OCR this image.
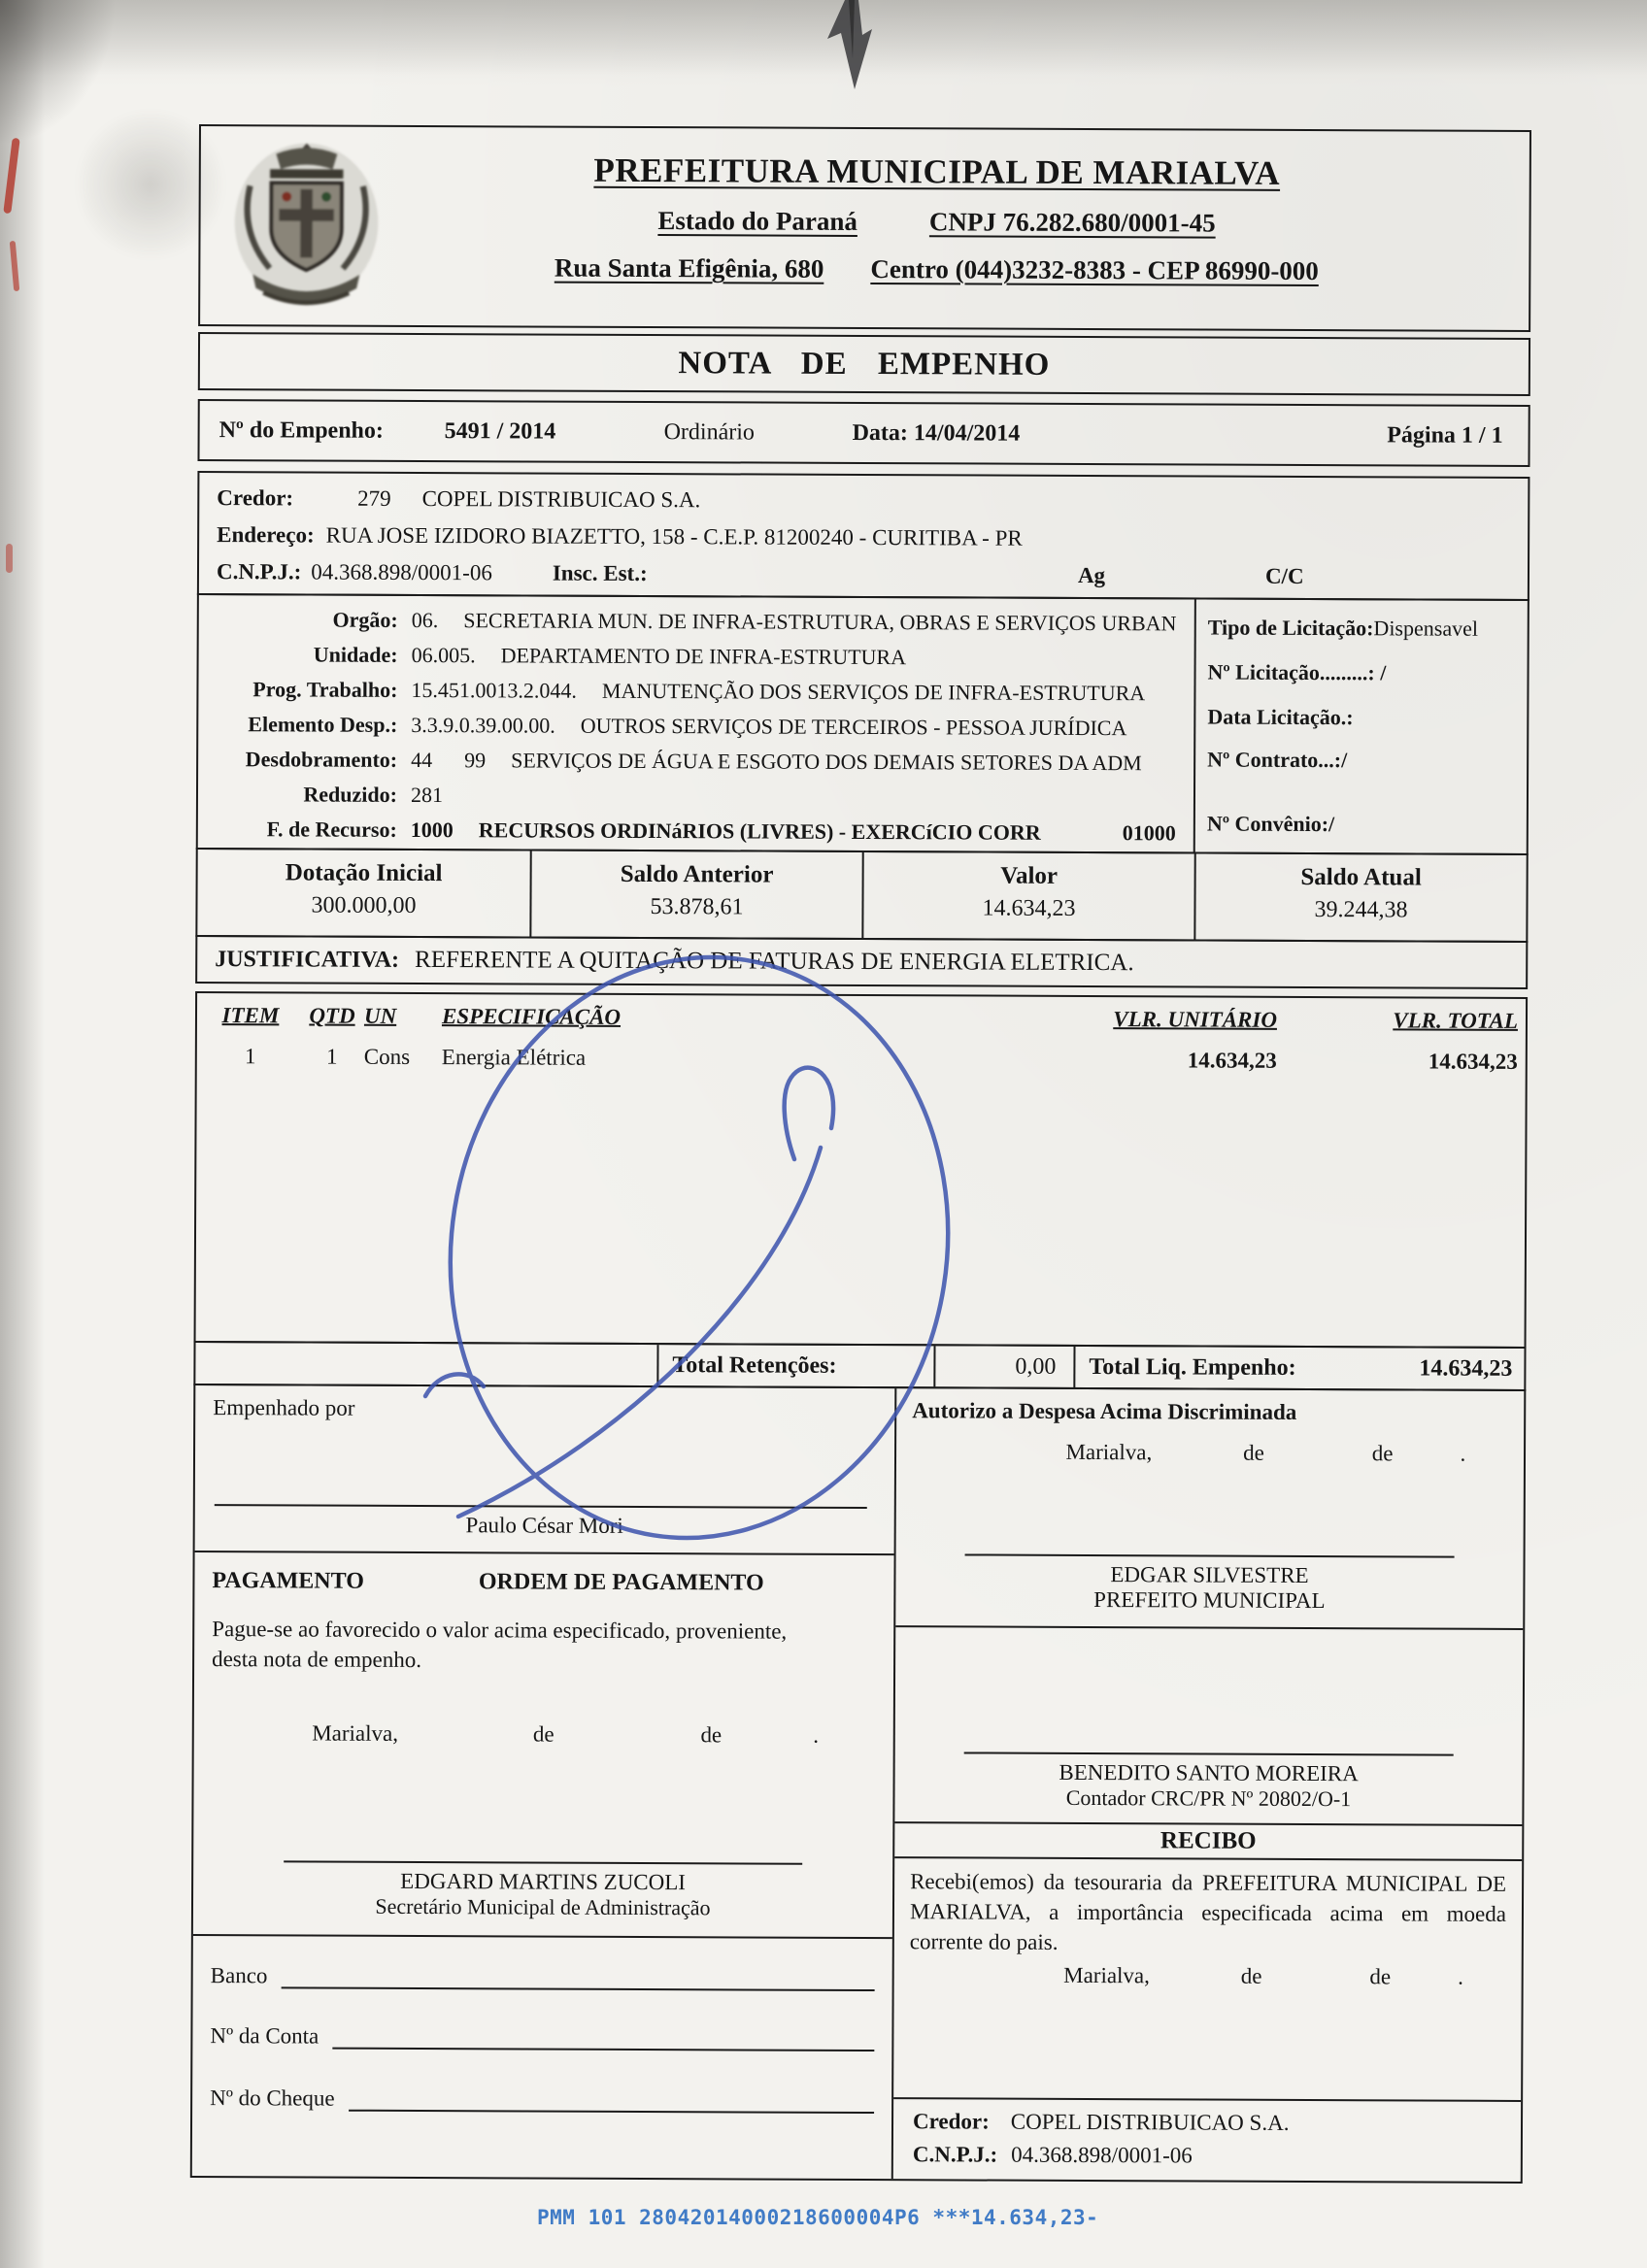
PREFEITURA MUNICIPAL DE MARIALVA
Estado do Paraná	CNPJ 76.282.680/0001-45
Rua Santa Efigênia, 680 Centro (044)3232-8383 - CEP 86990-000
NOTA DE EMPENHO
Nº do Empenho:	5491 / 2014	Ordinário	Data: 14/04/2014	Página 1 / 1
Credor:	279 COPEL DISTRIBUICAO S.A.
Endereço: RUA JOSE IZIDORO BIAZETTO, 158 - C.E.P. 81200240 - CURITIBA - PR
C.N.P.J.: 04.368.898/0001-06	Insc. Est.:	Ag	C/C
Orgão: 06. SECRETARIA MUN. DE INFRA-ESTRUTURA, OBRAS E SERVIÇOS URBAN
Unidade: 06.005. DEPARTAMENTO DE INFRA-ESTRUTURA
Prog. Trabalho: 15.451.0013.2.044. MANUTENÇÃO DOS SERVIÇOS DE INFRA-ESTRUTURA
Elemento Desp.: 3.3.9.0.39.00.00. OUTROS SERVIÇOS DE TERCEIROS - PESSOA JURÍDICA
Desdobramento: 44      99 SERVIÇOS DE ÁGUA E ESGOTO DOS DEMAIS SETORES DA ADM
Reduzido: 281
F. de Recurso: 1000 RECURSOS ORDINáRIOS (LIVRES) - EXERCíCIO CORR	01000
Tipo de Licitação:Dispensavel
Nº Licitação.........: /
Data Licitação.:
Nº Contrato...:/
Nº Convênio:/
Dotação Inicial
300.000,00
Saldo Anterior
53.878,61
Valor
14.634,23
Saldo Atual
39.244,38
JUSTIFICATIVA: REFERENTE A QUITAÇÃO DE FATURAS DE ENERGIA ELETRICA.
ITEM	QTD UN	ESPECIFICAÇÃO	VLR. UNITÁRIO	VLR. TOTAL
1	1	Cons	Energia Elétrica	14.634,23	14.634,23
Total Retenções:	0,00	Total Liq. Empenho:	14.634,23
Empenhado por
Paulo César Mori
PAGAMENTO	ORDEM DE PAGAMENTO
Pague-se ao favorecido o valor acima especificado, proveniente, desta nota de empenho.
Marialva,	de	de	.
EDGARD MARTINS ZUCOLI
Secretário Municipal de Administração
Banco
Nº da Conta
Nº do Cheque
Autorizo a Despesa Acima Discriminada
Marialva,	de	de	.
EDGAR SILVESTRE
PREFEITO MUNICIPAL
BENEDITO SANTO MOREIRA
Contador CRC/PR Nº 20802/O-1
RECIBO
Recebi(emos) da tesouraria da PREFEITURA MUNICIPAL DE MARIALVA, a importância especificada acima em moeda corrente do pais.
Marialva,	de	de	.
Credor: COPEL DISTRIBUICAO S.A.
C.N.P.J.: 04.368.898/0001-06
PMM 101 28042014000218600004P6 ***14.634,23-
